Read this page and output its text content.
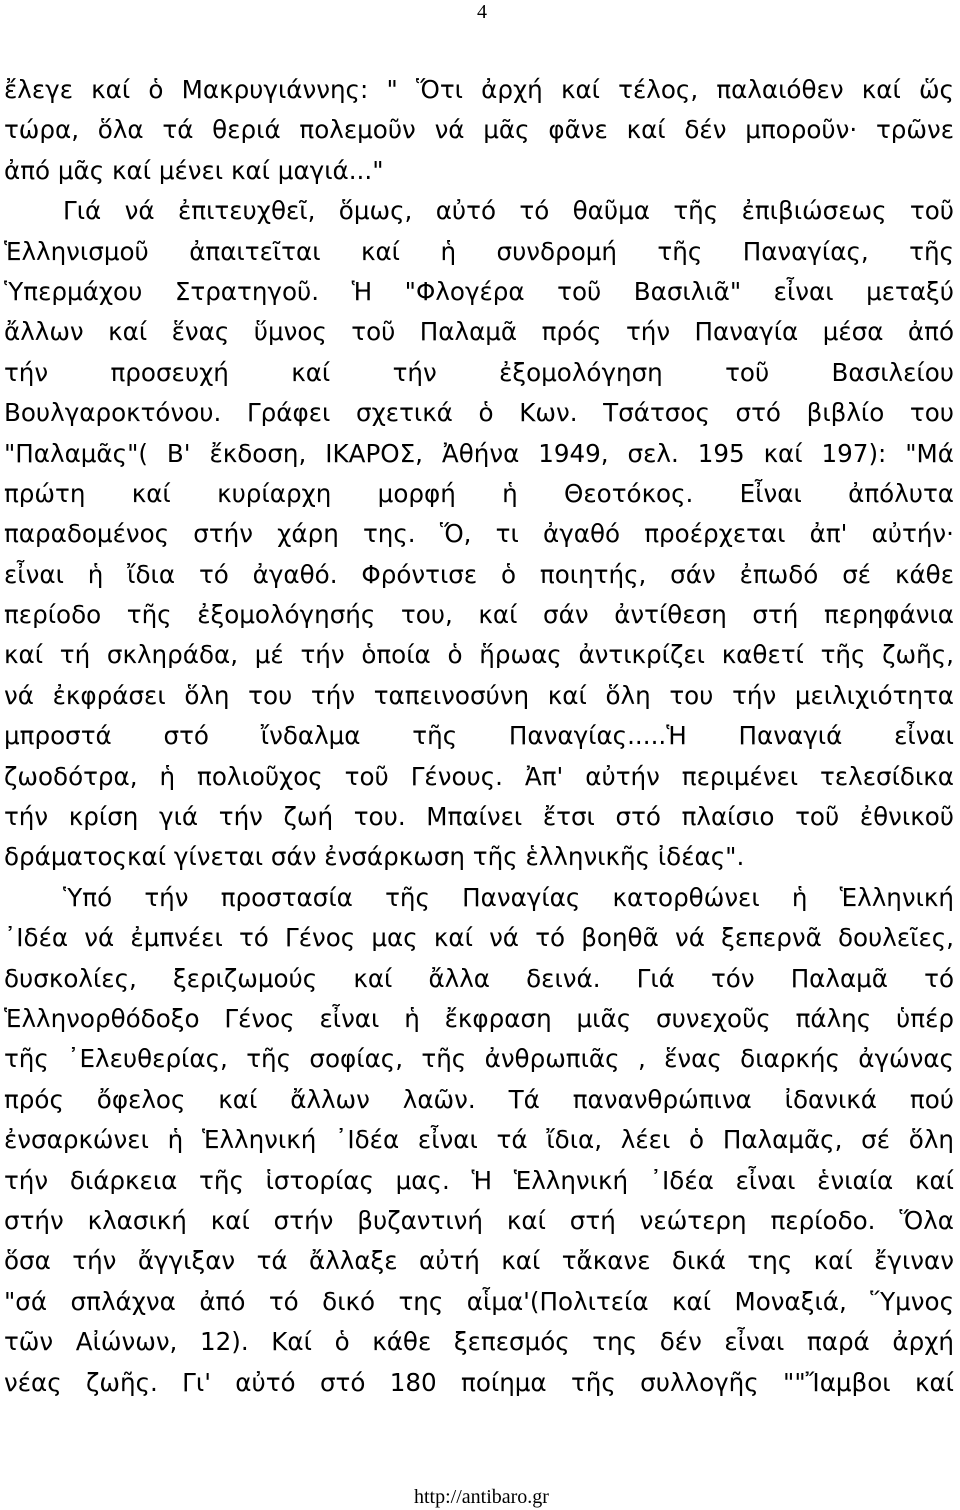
4
ἔλεγε καί ὁ Μακρυγιάννης: " Ὅτι ἀρχή καί τέλος, παλαιόθεν καί ὥς
τώρα, ὅλα τά θεριά πολεμοῦν νά μᾶς φᾶνε καί δέν μποροῦν· τρῶνε
ἀπό μᾶς καί μένει καί μαγιά..."
Γιά νά ἐπιτευχθεῖ, ὅμως, αὐτό τό θαῦμα τῆς ἐπιβιώσεως τοῦ
Ἑλληνισμοῦ ἀπαιτεῖται καί ἡ συνδρομή τῆς Παναγίας, τῆς
Ὑπερμάχου Στρατηγοῦ. Ἡ "Φλογέρα τοῦ Βασιλιᾶ" εἶναι μεταξύ
ἄλλων καί ἕνας ὕμνος τοῦ Παλαμᾶ πρός τήν Παναγία μέσα ἀπό
τήν προσευχή καί τήν ἐξομολόγηση τοῦ Βασιλείου
Βουλγαροκτόνου. Γράφει σχετικά ὁ Κων. Τσάτσος στό βιβλίο του
"Παλαμᾶς"( Β' ἔκδοση, ΙΚΑΡΟΣ, Ἀθήνα 1949, σελ. 195 καί 197): "Μά
πρώτη καί κυρίαρχη μορφή ἡ Θεοτόκος. Εἶναι ἀπόλυτα
παραδομένος στήν χάρη της. Ὅ, τι ἀγαθό προέρχεται ἀπ' αὐτήν·
εἶναι ἡ ἴδια τό ἀγαθό. Φρόντισε ὁ ποιητής, σάν ἐπωδό σέ κάθε
περίοδο τῆς ἐξομολόγησής του, καί σάν ἀντίθεση στή περηφάνια
καί τή σκληράδα, μέ τήν ὁποία ὁ ἥρωας ἀντικρίζει καθετί τῆς ζωῆς,
νά ἐκφράσει ὅλη του τήν ταπεινοσύνη καί ὅλη του τήν μειλιχιότητα
μπροστά στό ἴνδαλμα τῆς Παναγίας.....Ἡ Παναγιά εἶναι
ζωοδότρα, ἡ πολιοῦχος τοῦ Γένους. Ἀπ' αὐτήν περιμένει τελεσίδικα
τήν κρίση γιά τήν ζωή του. Μπαίνει ἔτσι στό πλαίσιο τοῦ ἐθνικοῦ
δράματοςκαί γίνεται σάν ἐνσάρκωση τῆς ἑλληνικῆς ἰδέας".
Ὑπό τήν προστασία τῆς Παναγίας κατορθώνει ἡ Ἑλληνική
᾿Ιδέα νά ἐμπνέει τό Γένος μας καί νά τό βοηθᾶ νά ξεπερνᾶ δουλεῖες,
δυσκολίες, ξεριζωμούς καί ἄλλα δεινά. Γιά τόν Παλαμᾶ τό
Ἑλληνορθόδοξο Γένος εἶναι ἡ ἔκφραση μιᾶς συνεχοῦς πάλης ὑπέρ
τῆς ᾿Ελευθερίας, τῆς σοφίας, τῆς ἀνθρωπιᾶς , ἕνας διαρκής ἀγώνας
πρός ὄφελος καί ἄλλων λαῶν. Τά πανανθρώπινα ἰδανικά πού
ἐνσαρκώνει ἡ Ἑλληνική ᾿Ιδέα εἶναι τά ἴδια, λέει ὁ Παλαμᾶς, σέ ὅλη
τήν διάρκεια τῆς ἱστορίας μας. Ἡ Ἑλληνική ᾿Ιδέα εἶναι ἑνιαία καί
στήν κλασική καί στήν βυζαντινή καί στή νεώτερη περίοδο. Ὅλα
ὅσα τήν ἄγγιξαν τά ἄλλαξε αὐτή καί τἄκανε δικά της καί ἔγιναν
"σά σπλάχνα ἀπό τό δικό της αἷμα'(Πολιτεία καί Μοναξιά, Ὕμνος
τῶν Αἰώνων, 12). Καί ὁ κάθε ξεπεσμός της δέν εἶναι παρά ἀρχή
νέας ζωῆς. Γι' αὐτό στό 180 ποίημα τῆς συλλογῆς ""Ἴαμβοι καί
http://antibaro.gr
